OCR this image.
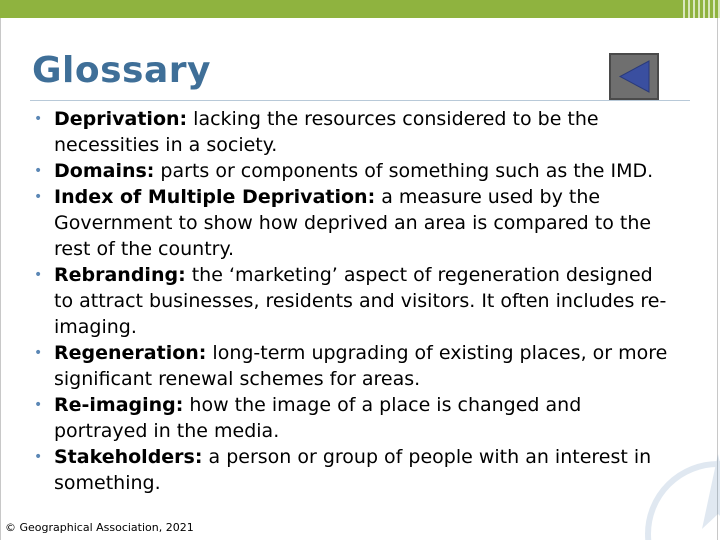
Glossary
• Deprivation: lacking the resources considered to be the necessities in a society.
• Domains: parts or components of something such as the IMD.
• Index of Multiple Deprivation: a measure used by the Government to show how deprived an area is compared to the rest of the country.
• Rebranding: the ‘marketing’ aspect of regeneration designed to attract businesses, residents and visitors. It often includes re-imaging.
• Regeneration: long-term upgrading of existing places, or more significant renewal schemes for areas.
• Re-imaging: how the image of a place is changed and portrayed in the media.
• Stakeholders: a person or group of people with an interest in something.
© Geographical Association, 2021
